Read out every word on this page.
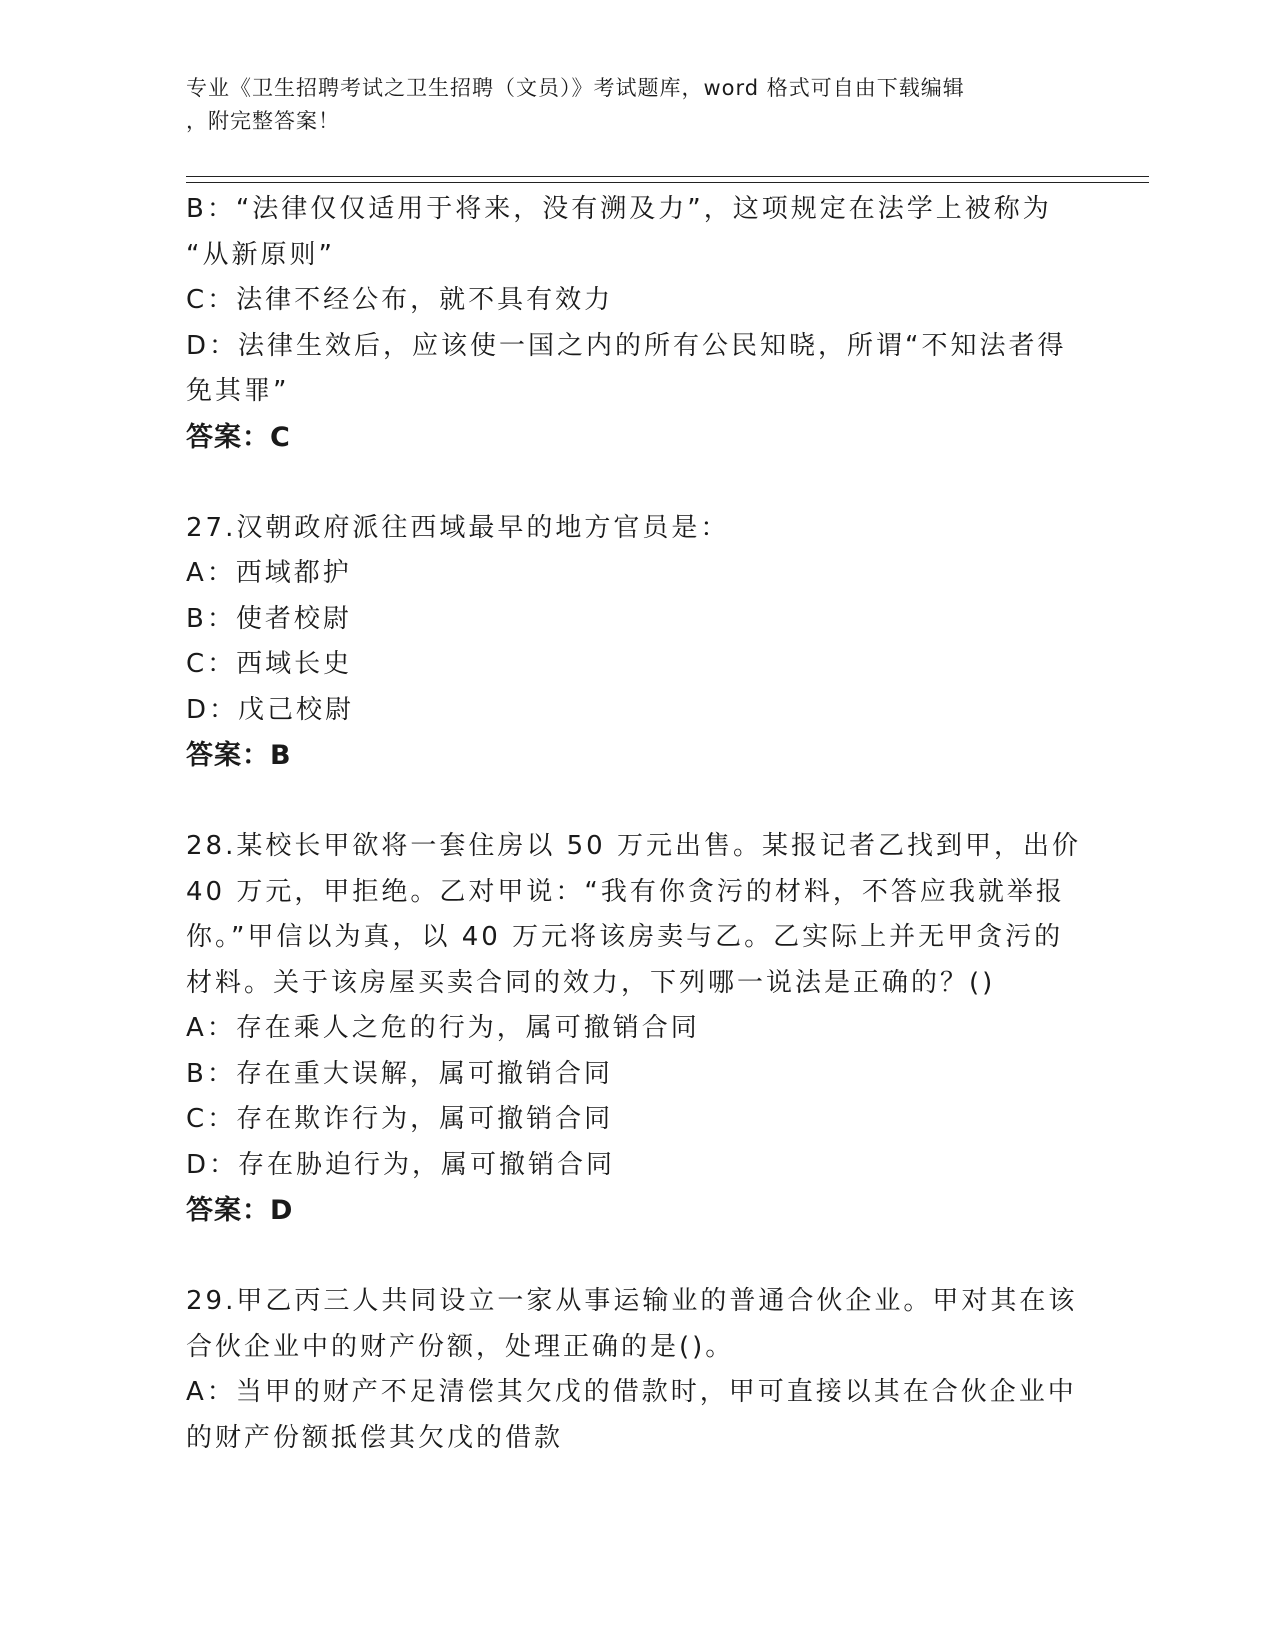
专业《卫生招聘考试之卫生招聘（文员）》考试题库，word 格式可自由下载编辑
，附完整答案！
B：“法律仅仅适用于将来，没有溯及力”，这项规定在法学上被称为
“从新原则”
C：法律不经公布，就不具有效力
D：法律生效后，应该使一国之内的所有公民知晓，所谓“不知法者得
免其罪”
答案：C
27.汉朝政府派往西域最早的地方官员是：
A：西域都护
B：使者校尉
C：西域长史
D：戊己校尉
答案：B
28.某校长甲欲将一套住房以 50 万元出售。某报记者乙找到甲，出价
40 万元，甲拒绝。乙对甲说：“我有你贪污的材料，不答应我就举报
你。”甲信以为真，以 40 万元将该房卖与乙。乙实际上并无甲贪污的
材料。关于该房屋买卖合同的效力，下列哪一说法是正确的？()
A：存在乘人之危的行为，属可撤销合同
B：存在重大误解，属可撤销合同
C：存在欺诈行为，属可撤销合同
D：存在胁迫行为，属可撤销合同
答案：D
29.甲乙丙三人共同设立一家从事运输业的普通合伙企业。甲对其在该
合伙企业中的财产份额，处理正确的是()。
A：当甲的财产不足清偿其欠戊的借款时，甲可直接以其在合伙企业中
的财产份额抵偿其欠戊的借款
